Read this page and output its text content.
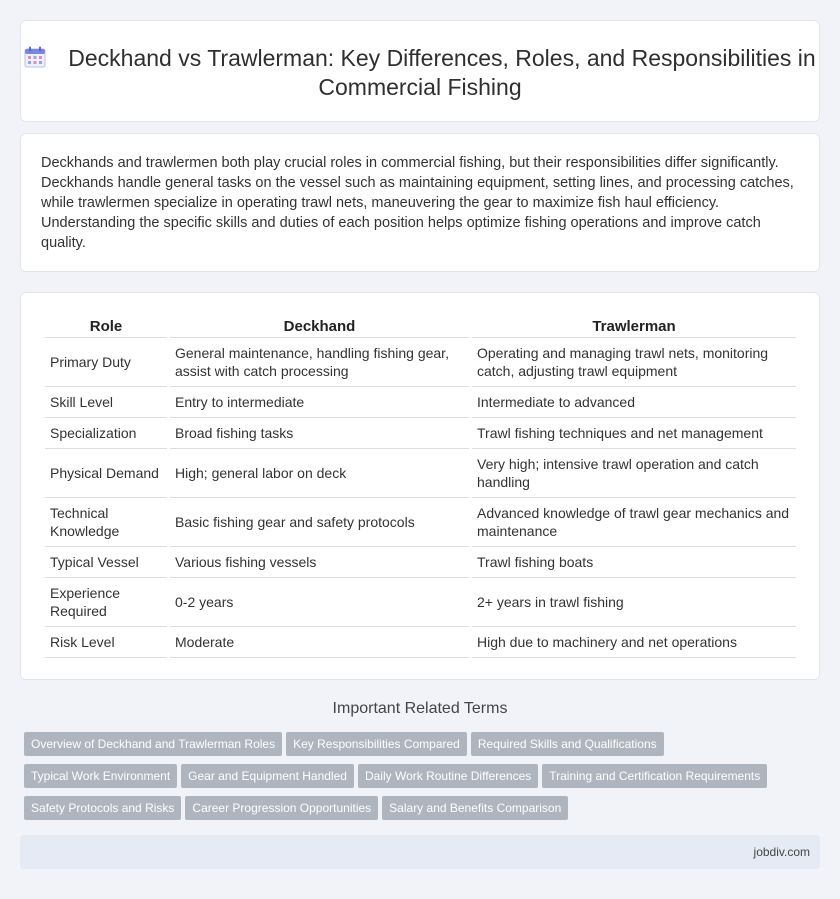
Deckhand vs Trawlerman: Key Differences, Roles, and Responsibilities in Commercial Fishing

Deckhands and trawlermen both play crucial roles in commercial fishing, but their responsibilities differ significantly. Deckhands handle general tasks on the vessel such as maintaining equipment, setting lines, and processing catches, while trawlermen specialize in operating trawl nets, maneuvering the gear to maximize fish haul efficiency. Understanding the specific skills and duties of each position helps optimize fishing operations and improve catch quality.

Role	Deckhand	Trawlerman
Primary Duty	General maintenance, handling fishing gear, assist with catch processing	Operating and managing trawl nets, monitoring catch, adjusting trawl equipment
Skill Level	Entry to intermediate	Intermediate to advanced
Specialization	Broad fishing tasks	Trawl fishing techniques and net management
Physical Demand	High; general labor on deck	Very high; intensive trawl operation and catch handling
Technical Knowledge	Basic fishing gear and safety protocols	Advanced knowledge of trawl gear mechanics and maintenance
Typical Vessel	Various fishing vessels	Trawl fishing boats
Experience Required	0-2 years	2+ years in trawl fishing
Risk Level	Moderate	High due to machinery and net operations
Important Related Terms
Overview of Deckhand and Trawlerman Roles Key Responsibilities Compared Required Skills and Qualifications
Typical Work Environment Gear and Equipment Handled Daily Work Routine Differences Training and Certification Requirements
Safety Protocols and Risks Career Progression Opportunities Salary and Benefits Comparison
jobdiv.com
